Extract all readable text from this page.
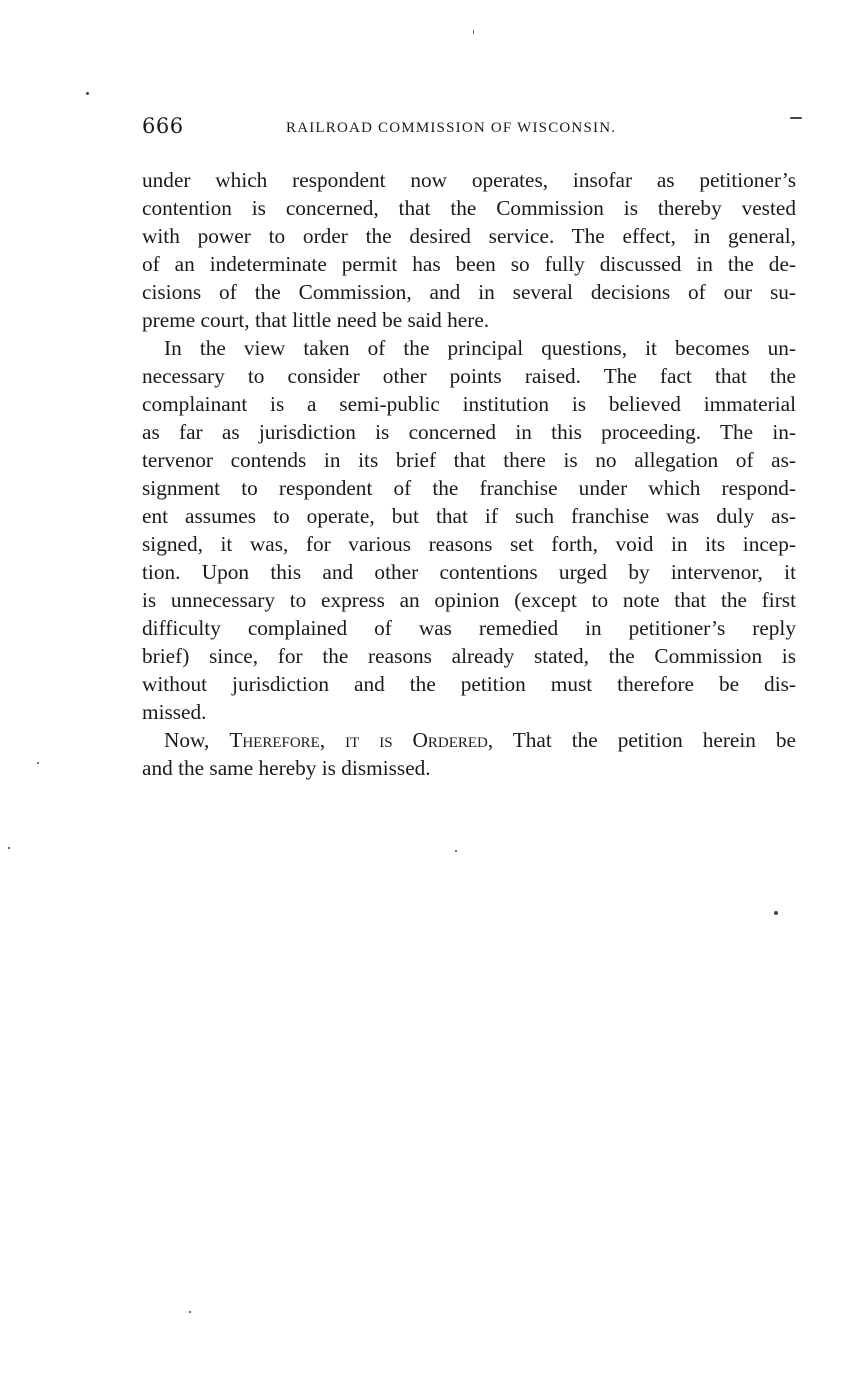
666	RAILROAD COMMISSION OF WISCONSIN.
under which respondent now operates, insofar as petitioner’s
contention is concerned, that the Commission is thereby vested
with power to order the desired service. The effect, in general,
of an indeterminate permit has been so fully discussed in the de-
cisions of the Commission, and in several decisions of our su-
preme court, that little need be said here.
In the view taken of the principal questions, it becomes un-
necessary to consider other points raised. The fact that the
complainant is a semi-public institution is believed immaterial
as far as jurisdiction is concerned in this proceeding. The in-
tervenor contends in its brief that there is no allegation of as-
signment to respondent of the franchise under which respond-
ent assumes to operate, but that if such franchise was duly as-
signed, it was, for various reasons set forth, void in its incep-
tion. Upon this and other contentions urged by intervenor, it
is unnecessary to express an opinion (except to note that the first
difficulty complained of was remedied in petitioner’s reply
brief) since, for the reasons already stated, the Commission is
without jurisdiction and the petition must therefore be dis-
missed.
Now, Therefore, it is Ordered, That the petition herein be
and the same hereby is dismissed.
